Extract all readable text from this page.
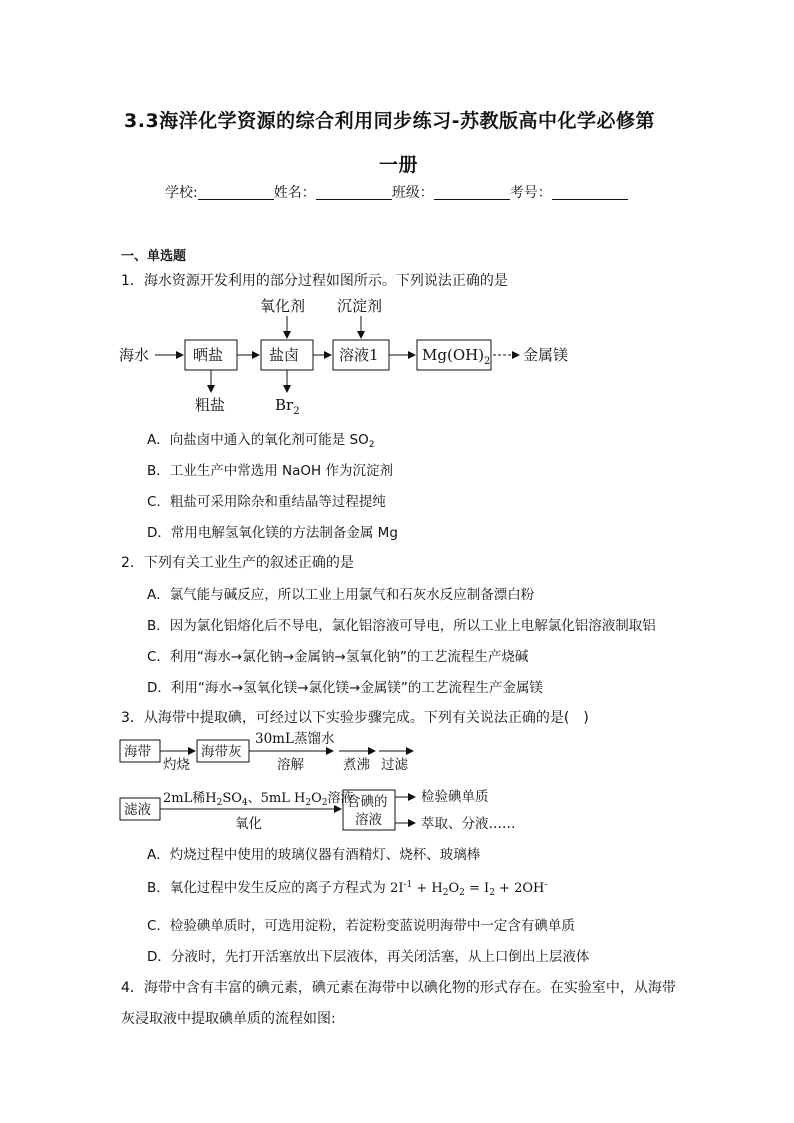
3.3海洋化学资源的综合利用同步练习-苏教版高中化学必修第
一册
学校:	姓名：	班级：	考号：
一、单选题
1．海水资源开发利用的部分过程如图所示。下列说法正确的是
海水	晒盐	盐卤	溶液1	$Mg(OH)_2$ 金属镁
氧化剂 沉淀剂
粗盐	$Br_2$
A．向盐卤中通入的氧化剂可能是 $SO_2$
B．工业生产中常选用 NaOH 作为沉淀剂
C．粗盐可采用除杂和重结晶等过程提纯
D．常用电解氢氧化镁的方法制备金属 Mg
2．下列有关工业生产的叙述正确的是
A．氯气能与碱反应，所以工业上用氯气和石灰水反应制备漂白粉
B．因为氯化铝熔化后不导电，氯化铝溶液可导电，所以工业上电解氯化铝溶液制取铝
C．利用“海水→氯化钠→金属钠→氢氧化钠”的工艺流程生产烧碱
D．利用“海水→氢氧化镁→氯化镁→金属镁”的工艺流程生产金属镁
3．从海带中提取碘，可经过以下实验步骤完成。下列有关说法正确的是(　)
海带
灼烧
海带灰
30mL蒸馏水
溶解	煮沸 过滤
滤液
2mL稀$H_2SO_4$、5mL $H_2O_2$溶液
氧化
含碘的
溶液
检验碘单质
萃取、分液……
A．灼烧过程中使用的玻璃仪器有酒精灯、烧杯、玻璃棒
B．氧化过程中发生反应的离子方程式为 $2I^{-1} + H_2O_2 = I_2 + 2OH^-$
C．检验碘单质时，可选用淀粉，若淀粉变蓝说明海带中一定含有碘单质
D．分液时，先打开活塞放出下层液体，再关闭活塞，从上口倒出上层液体
4．海带中含有丰富的碘元素，碘元素在海带中以碘化物的形式存在。在实验室中，从海带
灰浸取液中提取碘单质的流程如图:
